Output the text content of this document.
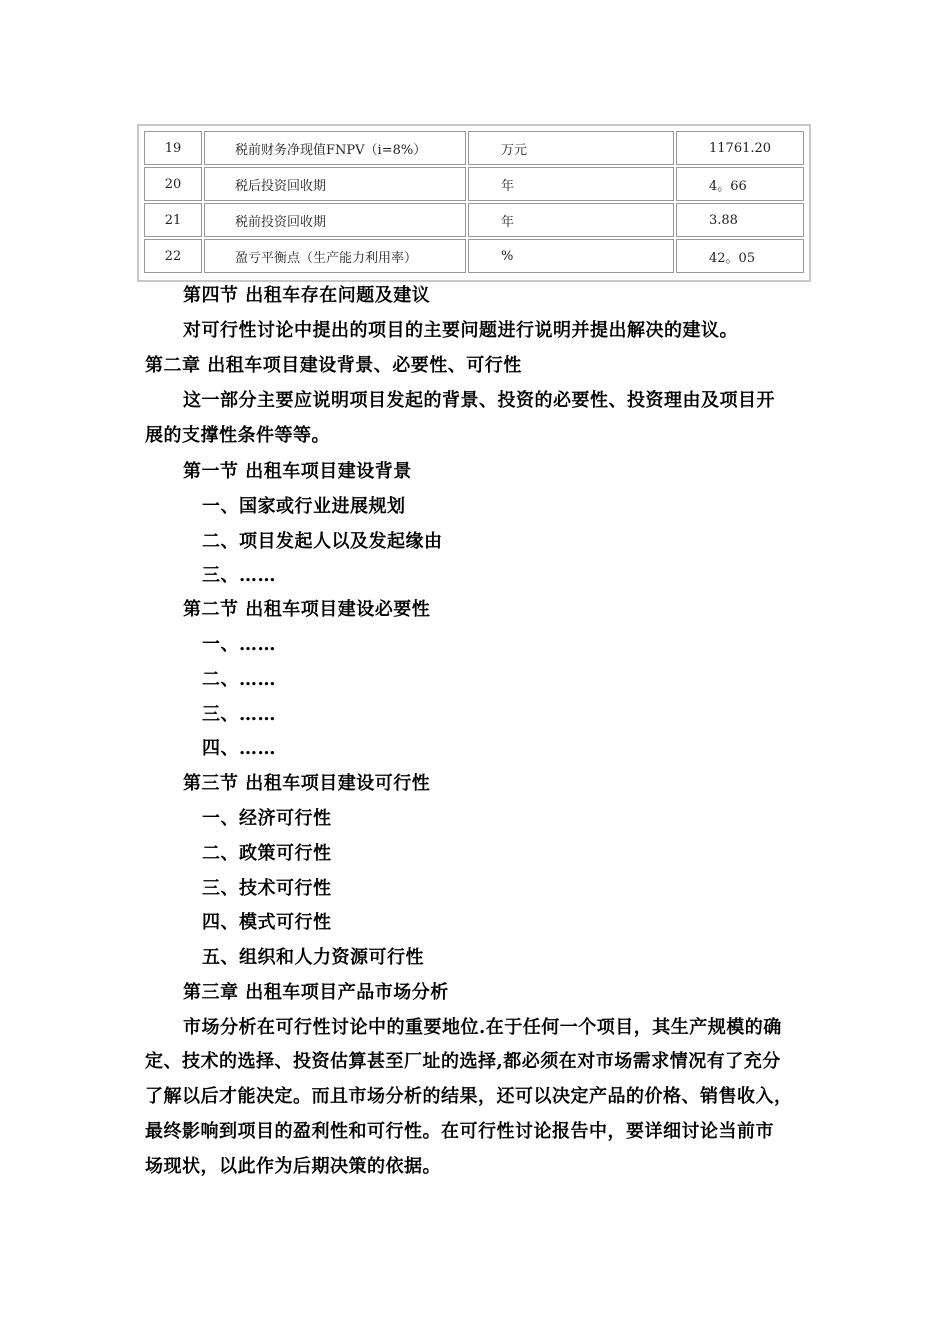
19	税前财务净现值FNPV（i=8%）	万元	11761.20
20	税后投资回收期	年	4。66
21	税前投资回收期	年	3.88
22	盈亏平衡点（生产能力利用率）	%	42。05
第四节 出租车存在问题及建议
对可行性讨论中提出的项目的主要问题进行说明并提出解决的建议。
第二章 出租车项目建设背景、必要性、可行性
这一部分主要应说明项目发起的背景、投资的必要性、投资理由及项目开
展的支撑性条件等等。
第一节 出租车项目建设背景
一、国家或行业进展规划
二、项目发起人以及发起缘由
三、……
第二节 出租车项目建设必要性
一、……
二、……
三、……
四、……
第三节 出租车项目建设可行性
一、经济可行性
二、政策可行性
三、技术可行性
四、模式可行性
五、组织和人力资源可行性
第三章 出租车项目产品市场分析
市场分析在可行性讨论中的重要地位.在于任何一个项目，其生产规模的确
定、技术的选择、投资估算甚至厂址的选择,都必须在对市场需求情况有了充分
了解以后才能决定。而且市场分析的结果，还可以决定产品的价格、销售收入，
最终影响到项目的盈利性和可行性。在可行性讨论报告中，要详细讨论当前市
场现状，以此作为后期决策的依据。
